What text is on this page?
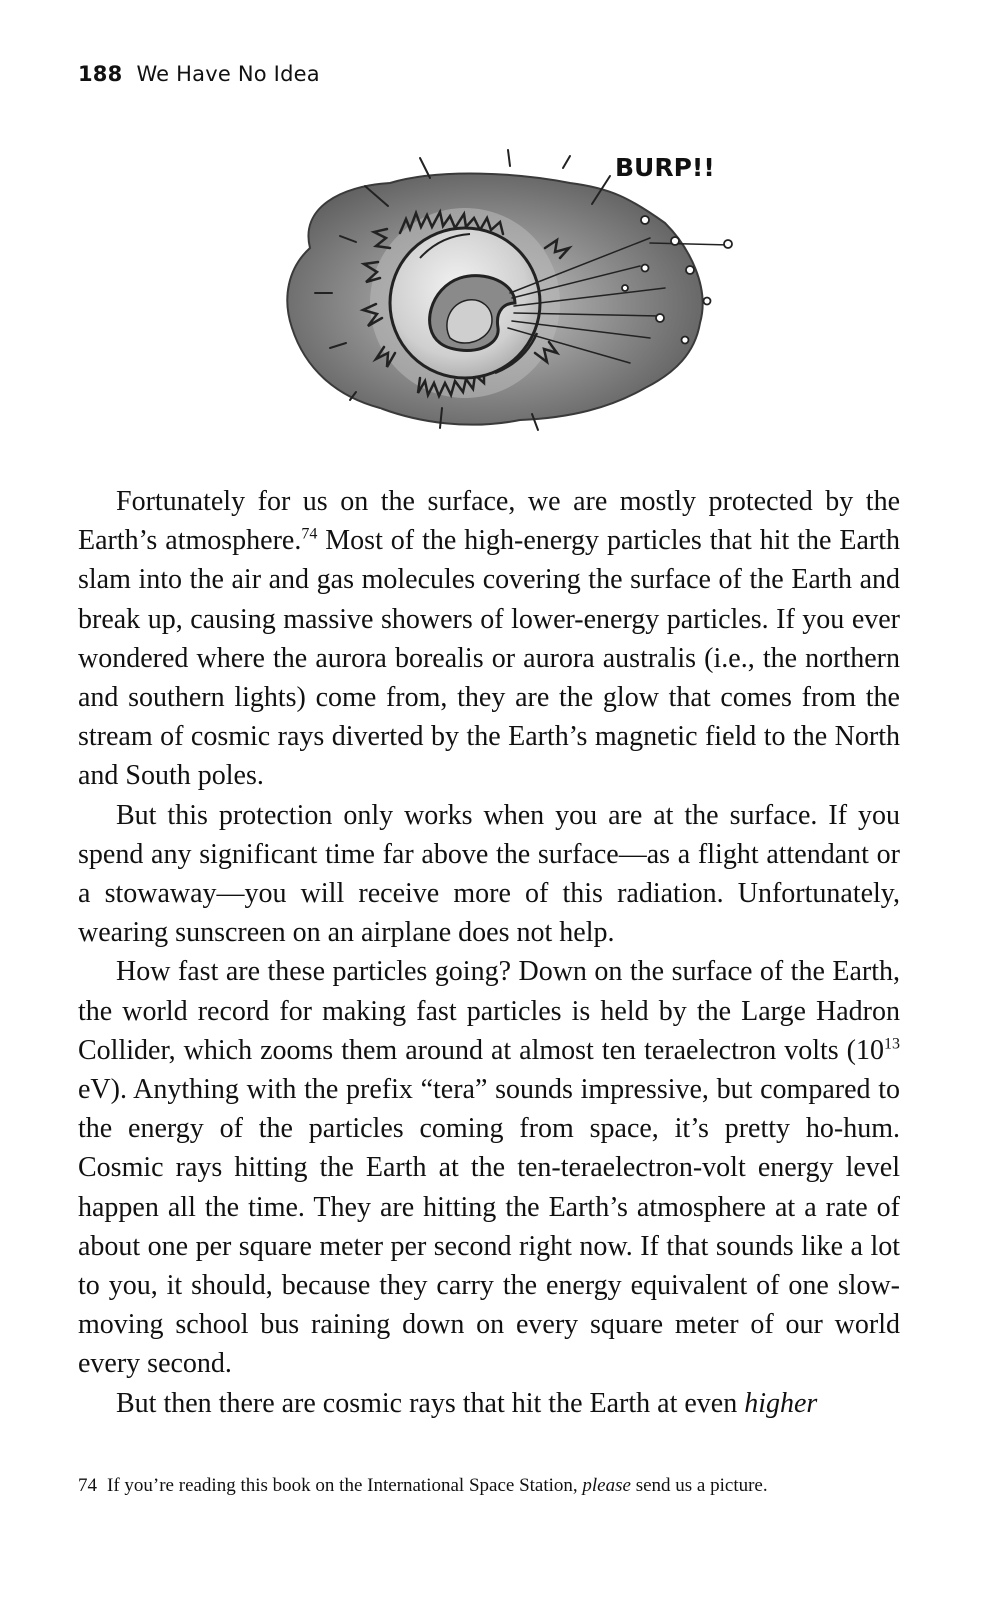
188 We Have No Idea
BURP!!

Fortunately for us on the surface, we are mostly protected by the Earth’s atmosphere.$^{74}$ Most of the high-energy particles that hit the Earth slam into the air and gas molecules covering the surface of the Earth and break up, causing massive showers of lower-energy particles. If you ever wondered where the aurora borealis or aurora australis (i.e., the northern and southern lights) come from, they are the glow that comes from the stream of cosmic rays diverted by the Earth’s magnetic field to the North and South poles.

But this protection only works when you are at the surface. If you spend any significant time far above the surface—as a flight attendant or a stowaway—you will receive more of this radiation. Unfortunately, wearing sunscreen on an airplane does not help.

How fast are these particles going? Down on the surface of the Earth, the world record for making fast particles is held by the Large Hadron Collider, which zooms them around at almost ten teraelectron volts ($10^{13}$ eV). Anything with the prefix “tera” sounds impressive, but compared to the energy of the particles coming from space, it’s pretty ho-hum. Cosmic rays hitting the Earth at the ten-teraelectron-volt energy level happen all the time. They are hitting the Earth’s atmosphere at a rate of about one per square meter per second right now. If that sounds like a lot to you, it should, because they carry the energy equivalent of one slow-moving school bus raining down on every square meter of our world every second.

But then there are cosmic rays that hit the Earth at even higher

74 If you’re reading this book on the International Space Station, please send us a picture.
